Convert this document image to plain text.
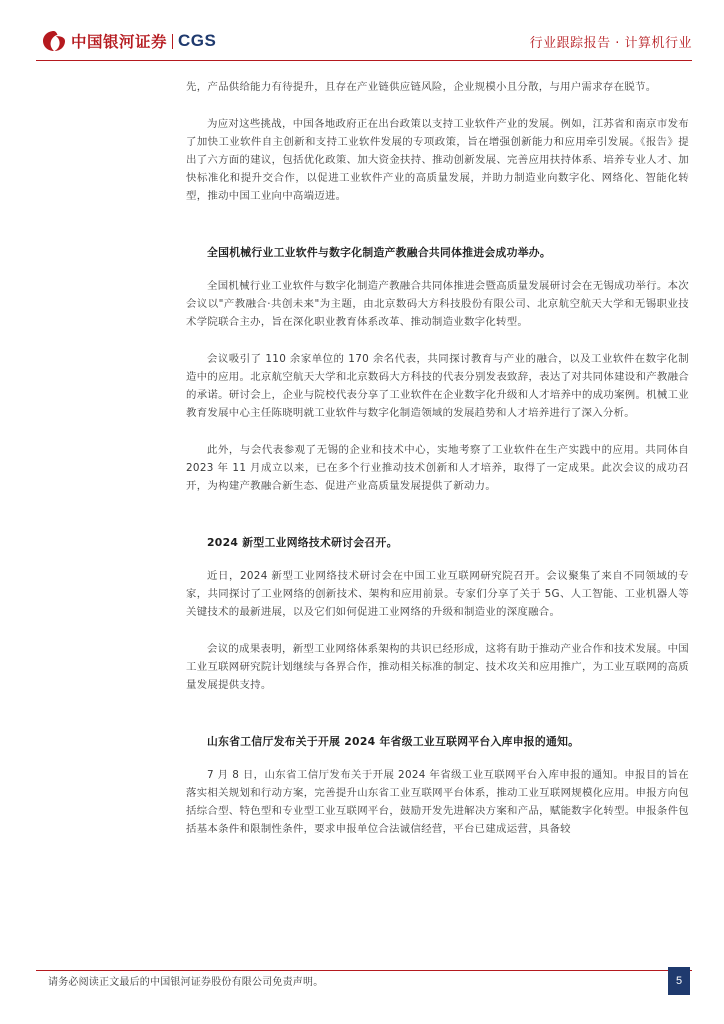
中国银河证券 CGS	行业跟踪报告 · 计算机行业

先，产品供给能力有待提升，且存在产业链供应链风险，企业规模小且分散，与用户需求存在脱节。

为应对这些挑战，中国各地政府正在出台政策以支持工业软件产业的发展。例如，江苏省和南京市发布了加快工业软件自主创新和支持工业软件发展的专项政策，旨在增强创新能力和应用牵引发展。《报告》提出了六方面的建议，包括优化政策、加大资金扶持、推动创新发展、完善应用扶持体系、培养专业人才、加快标准化和提升交合作，以促进工业软件产业的高质量发展，并助力制造业向数字化、网络化、智能化转型，推动中国工业向中高端迈进。

全国机械行业工业软件与数字化制造产教融合共同体推进会成功举办。

全国机械行业工业软件与数字化制造产教融合共同体推进会暨高质量发展研讨会在无锡成功举行。本次会议以"产教融合·共创未来"为主题，由北京数码大方科技股份有限公司、北京航空航天大学和无锡职业技术学院联合主办，旨在深化职业教育体系改革、推动制造业数字化转型。

会议吸引了 110 余家单位的 170 余名代表，共同探讨教育与产业的融合，以及工业软件在数字化制造中的应用。北京航空航天大学和北京数码大方科技的代表分别发表致辞，表达了对共同体建设和产教融合的承诺。研讨会上，企业与院校代表分享了工业软件在企业数字化升级和人才培养中的成功案例。机械工业教育发展中心主任陈晓明就工业软件与数字化制造领域的发展趋势和人才培养进行了深入分析。

此外，与会代表参观了无锡的企业和技术中心，实地考察了工业软件在生产实践中的应用。共同体自 2023 年 11 月成立以来，已在多个行业推动技术创新和人才培养，取得了一定成果。此次会议的成功召开，为构建产教融合新生态、促进产业高质量发展提供了新动力。

2024 新型工业网络技术研讨会召开。

近日，2024 新型工业网络技术研讨会在中国工业互联网研究院召开。会议聚集了来自不同领域的专家，共同探讨了工业网络的创新技术、架构和应用前景。专家们分享了关于 5G、人工智能、工业机器人等关键技术的最新进展，以及它们如何促进工业网络的升级和制造业的深度融合。

会议的成果表明，新型工业网络体系架构的共识已经形成，这将有助于推动产业合作和技术发展。中国工业互联网研究院计划继续与各界合作，推动相关标准的制定、技术攻关和应用推广，为工业互联网的高质量发展提供支持。

山东省工信厅发布关于开展 2024 年省级工业互联网平台入库申报的通知。

7 月 8 日，山东省工信厅发布关于开展 2024 年省级工业互联网平台入库申报的通知。申报目的旨在落实相关规划和行动方案，完善提升山东省工业互联网平台体系，推动工业互联网规模化应用。申报方向包括综合型、特色型和专业型工业互联网平台，鼓励开发先进解决方案和产品，赋能数字化转型。申报条件包括基本条件和限制性条件，要求申报单位合法诚信经营，平台已建成运营，具备较

请务必阅读正文最后的中国银河证券股份有限公司免责声明。	5
